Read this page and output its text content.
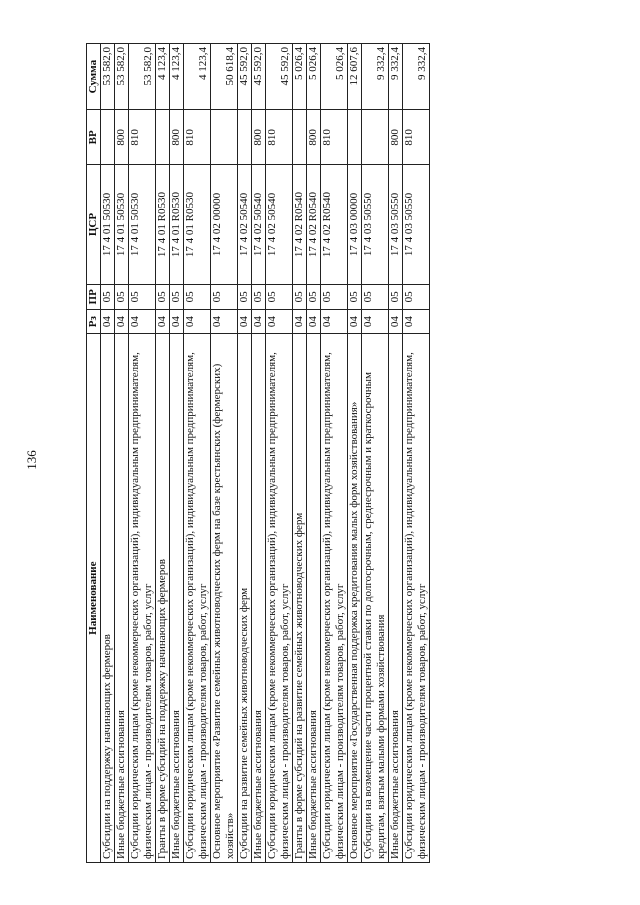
136
Наименование	Рз	ПР	ЦСР	ВР	Сумма
Субсидии на поддержку начинающих фермеров	04	05	17 4 01 50530		53 582,0
Иные бюджетные ассигнования	04	05	17 4 01 50530	800	53 582,0
Субсидии юридическим лицам (кроме некоммерческих организаций), индивидуальным предпринимателям, физическим лицам - производителям товаров, работ, услуг	04	05	17 4 01 50530	810	53 582,0
Гранты в форме субсидий на поддержку начинающих фермеров	04	05	17 4 01 R0530		4 123,4
Иные бюджетные ассигнования	04	05	17 4 01 R0530	800	4 123,4
Субсидии юридическим лицам (кроме некоммерческих организаций), индивидуальным предпринимателям, физическим лицам - производителям товаров, работ, услуг	04	05	17 4 01 R0530	810	4 123,4
Основное мероприятие «Развитие семейных животноводческих ферм на базе крестьянских (фермерских) хозяйств»	04	05	17 4 02 00000		50 618,4
Субсидии на развитие семейных животноводческих ферм	04	05	17 4 02 50540		45 592,0
Иные бюджетные ассигнования	04	05	17 4 02 50540	800	45 592,0
Субсидии юридическим лицам (кроме некоммерческих организаций), индивидуальным предпринимателям, физическим лицам - производителям товаров, работ, услуг	04	05	17 4 02 50540	810	45 592,0
Гранты в форме субсидий на развитие семейных животноводческих ферм	04	05	17 4 02 R0540		5 026,4
Иные бюджетные ассигнования	04	05	17 4 02 R0540	800	5 026,4
Субсидии юридическим лицам (кроме некоммерческих организаций), индивидуальным предпринимателям, физическим лицам - производителям товаров, работ, услуг	04	05	17 4 02 R0540	810	5 026,4
Основное мероприятие «Государственная поддержка кредитования малых форм хозяйствования»	04	05	17 4 03 00000		12 607,6
Субсидии на возмещение части процентной ставки по долгосрочным, среднесрочным и краткосрочным кредитам, взятым малыми формами хозяйствования	04	05	17 4 03 50550		9 332,4
Иные бюджетные ассигнования	04	05	17 4 03 50550	800	9 332,4
Субсидии юридическим лицам (кроме некоммерческих организаций), индивидуальным предпринимателям, физическим лицам - производителям товаров, работ, услуг	04	05	17 4 03 50550	810	9 332,4
